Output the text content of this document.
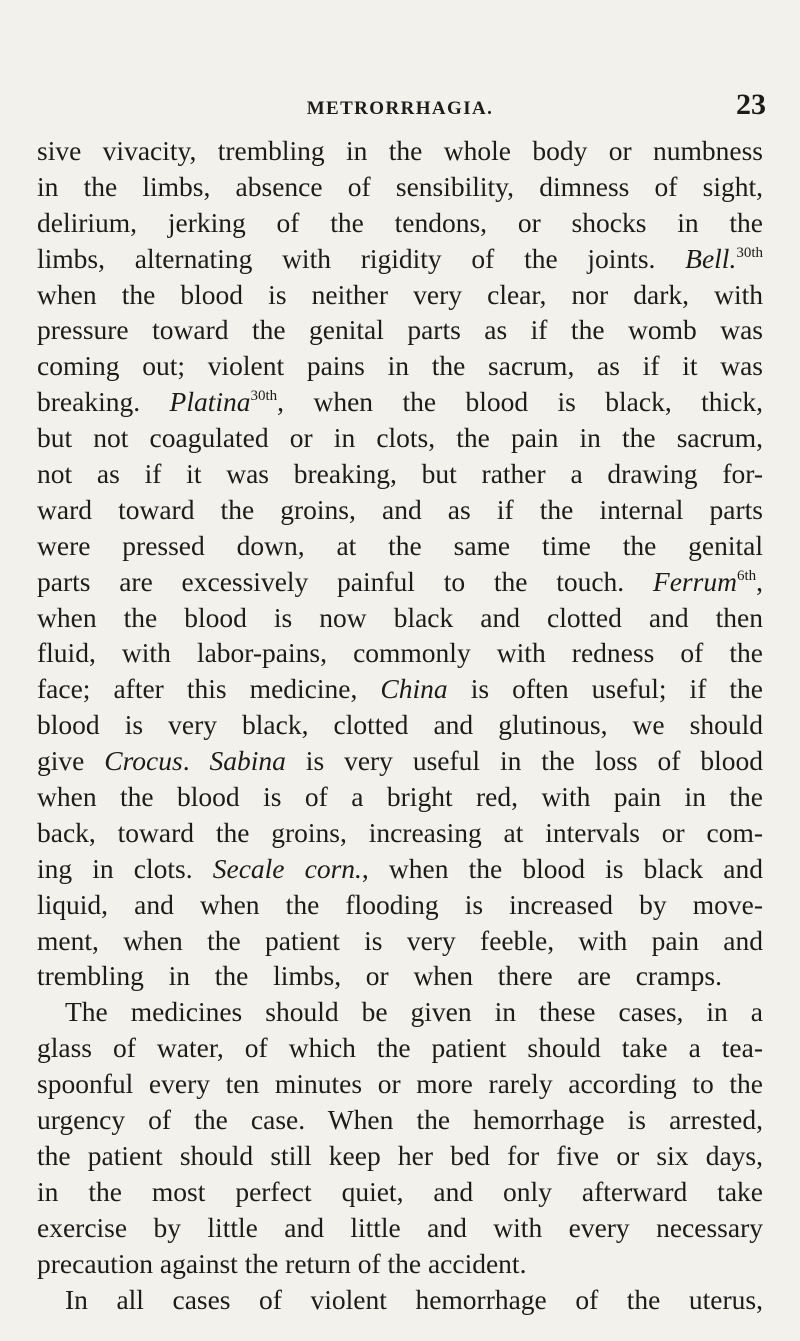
METRORRHAGIA.	23
sive vivacity, trembling in the whole body or numbness
in the limbs, absence of sensibility, dimness of sight,
delirium, jerking of the tendons, or shocks in the
limbs, alternating with rigidity of the joints. Bell.$^{30th}$
when the blood is neither very clear, nor dark, with
pressure toward the genital parts as if the womb was
coming out; violent pains in the sacrum, as if it was
breaking. Platina$^{30th}$, when the blood is black, thick,
but not coagulated or in clots, the pain in the sacrum,
not as if it was breaking, but rather a drawing for-
ward toward the groins, and as if the internal parts
were pressed down, at the same time the genital
parts are excessively painful to the touch. Ferrum$^{6th}$,
when the blood is now black and clotted and then
fluid, with labor-pains, commonly with redness of the
face; after this medicine, China is often useful; if the
blood is very black, clotted and glutinous, we should
give Crocus. Sabina is very useful in the loss of blood
when the blood is of a bright red, with pain in the
back, toward the groins, increasing at intervals or com-
ing in clots. Secale corn., when the blood is black and
liquid, and when the flooding is increased by move-
ment, when the patient is very feeble, with pain and
trembling in the limbs, or when there are cramps.
The medicines should be given in these cases, in a
glass of water, of which the patient should take a tea-
spoonful every ten minutes or more rarely according to the
urgency of the case. When the hemorrhage is arrested,
the patient should still keep her bed for five or six days,
in the most perfect quiet, and only afterward take
exercise by little and little and with every necessary
precaution against the return of the accident.
In all cases of violent hemorrhage of the uterus,
